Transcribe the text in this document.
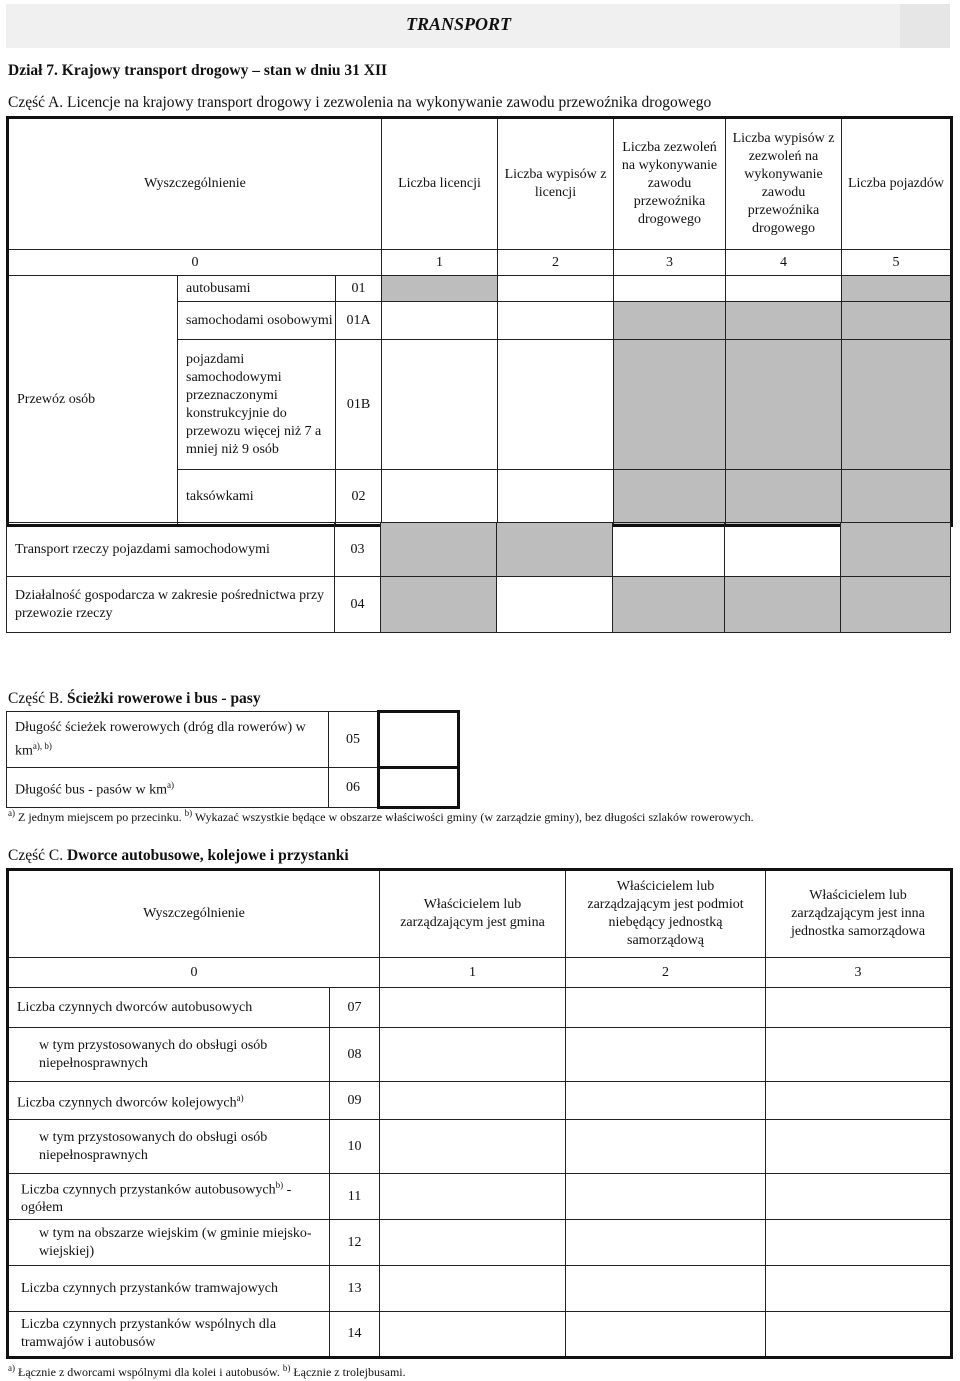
TRANSPORT
Dział 7. Krajowy transport drogowy – stan w dniu 31 XII
Część A. Licencje na krajowy transport drogowy i zezwolenia na wykonywanie zawodu przewoźnika drogowego
Wyszczególnienie			Liczba licencji	Liczba wypisów z licencji	Liczba zezwoleń na wykonywanie zawodu przewoźnika drogowego	Liczba wypisów z zezwoleń na wykonywanie zawodu przewoźnika drogowego	Liczba pojazdów
0			1	2	3	4	5
Przewóz osób	autobusami	01					
	samochodami osobowymi	01A					
	pojazdami samochodowymi przeznaczonymi konstrukcyjnie do przewozu więcej niż 7 a mniej niż 9 osób	01B					
	taksówkami	02					
Transport rzeczy pojazdami samochodowymi	03					
Działalność gospodarcza w zakresie pośrednictwa przy przewozie rzeczy	04					
Część B. Ścieżki rowerowe i bus - pasy
Długość ścieżek rowerowych (dróg dla rowerów) w $km^{a), b)}$	05	
Długość bus - pasów w $km^{a)}$	06	
$^{a)}$ Z jednym miejscem po przecinku. $^{b)}$ Wykazać wszystkie będące w obszarze właściwości gminy (w zarządzie gminy), bez długości szlaków rowerowych.
Część C. Dworce autobusowe, kolejowe i przystanki
Wyszczególnienie		Właścicielem lub zarządzającym jest gmina	Właścicielem lub zarządzającym jest podmiot niebędący jednostką samorządową	Właścicielem lub zarządzającym jest inna jednostka samorządowa
0		1	2	3
Liczba czynnych dworców autobusowych	07			
w tym przystosowanych do obsługi osób niepełnosprawnych	08			
Liczba czynnych dworców kolejowych$^{a)}$	09			
w tym przystosowanych do obsługi osób niepełnosprawnych	10			
Liczba czynnych przystanków autobusowych$^{b)}$ - ogółem	11			
w tym na obszarze wiejskim (w gminie miejsko-wiejskiej)	12			
Liczba czynnych przystanków tramwajowych	13			
Liczba czynnych przystanków wspólnych dla tramwajów i autobusów	14			
$^{a)}$ Łącznie z dworcami wspólnymi dla kolei i autobusów. $^{b)}$ Łącznie z trolejbusami.
